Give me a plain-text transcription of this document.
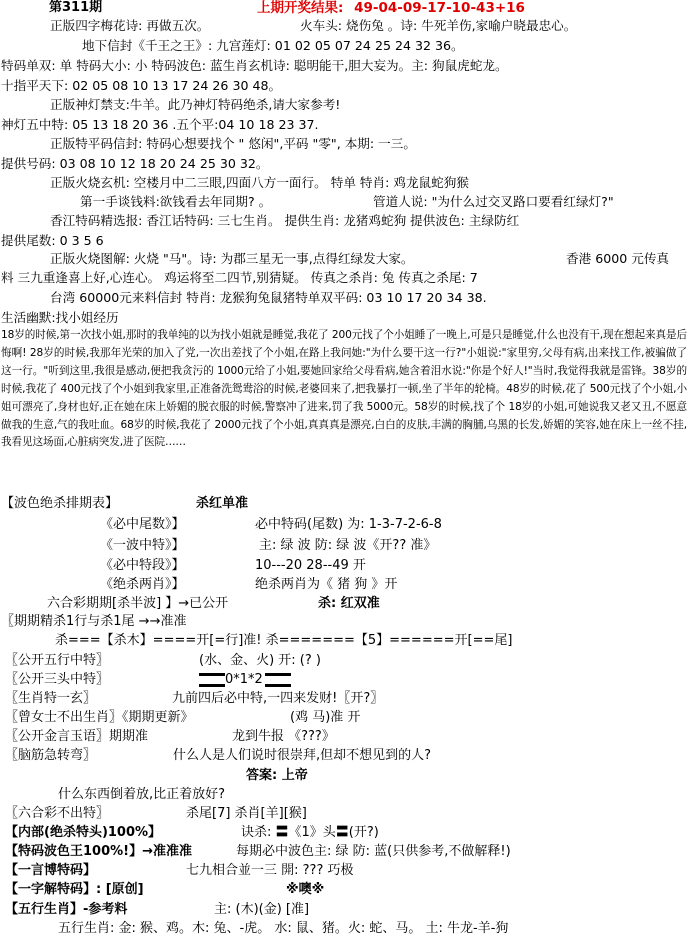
第311期	上期开奖结果: 49-04-09-17-10-43+16
正版四字梅花诗: 再做五次。	火车头: 烧伤兔 。诗: 牛死羊伤,家喻户晓最忠心。
地下信封《千王之王》: 九宫莲灯: 01 02 05 07 24 25 24 32 36。
特码单双: 单 特码大小: 小 特码波色: 蓝生肖玄机诗: 聪明能干,胆大妄为。主: 狗鼠虎蛇龙。
十指平天下: 02 05 08 10 13 17 24 26 30 48。
正版神灯禁支:牛羊。此乃神灯特码绝杀,请大家参考!
神灯五中特: 05 13 18 20 36 .五个平:04 10 18 23 37.
正版特平码信封: 特码心想要找个 " 悠闲",平码 "零", 本期: 一三。
提供号码: 03 08 10 12 18 20 24 25 30 32。
正版火烧玄机: 空楼月中二三眼,四面八方一面行。 特单 特肖: 鸡龙鼠蛇狗猴
第一手谈钱料:欲钱看去年同期? 。	管道人说: "为什么过交叉路口要看红绿灯?"
香江特码精选报: 香江话特码: 三七生肖。 提供生肖: 龙猪鸡蛇狗 提供波色: 主绿防红
提供尾数: 0 3 5 6
正版火烧图解: 火烧 "马"。诗: 为郡三星无一事,点得红绿发大家。	香港 6000 元传真
料 三九重逢喜上好,心连心。 鸡运将至二四节,别猜疑。 传真之杀肖: 兔 传真之杀尾: 7
台湾 60000元来料信封 特肖: 龙猴狗兔鼠猪特单双平码: 03 10 17 20 34 38.
生活幽默:找小姐经历
18岁的时候,第一次找小姐,那时的我单纯的以为找小姐就是睡觉,我花了 200元找了个小姐睡了一晚上,可是只是睡觉,什么也没有干,现在想起来真是后悔啊! 28岁的时候,我那年光荣的加入了党,一次出差找了个小姐,在路上我问她:"为什么要干这一行?"小姐说:"家里穷,父母有病,出来找工作,被骗做了这一行。"听到这里,我很是感动,便把我贪污的 1000元给了小姐,要她回家给父母看病,她含着泪水说:"你是个好人!"当时,我觉得我就是雷锋。38岁的时候,我花了 400元找了个小姐到我家里,正准备洗鸳鸯浴的时候,老婆回来了,把我暴打一顿,坐了半年的轮椅。48岁的时候,花了 500元找了个小姐,小姐可漂亮了,身材也好,正在她在床上娇媚的脱衣服的时候,警察冲了进来,罚了我 5000元。58岁的时候,找了个 18岁的小姐,可她说我又老又丑,不愿意做我的生意,气的我吐血。68岁的时候,我花了 2000元找了个小姐,真真真是漂亮,白白的皮肤,丰满的胸脯,乌黑的长发,娇媚的笑容,她在床上一丝不挂,我看见这场面,心脏病突发,进了医院……
【波色绝杀排期表】	杀红单准
《必中尾数》】	必中特码(尾数) 为: 1-3-7-2-6-8
《一波中特》】	主: 绿 波 防: 绿 波《开?? 准》
《必中特段》】	10---20 28--49 开
《绝杀两肖》】	绝杀两肖为《 猪 狗 》开
六合彩期期[杀半波] 】→已公开	杀: 红双准
〖期期精杀1行与杀1尾 →→准准
杀===【杀木】====开[=行]准! 杀=======【5】======开[==尾]
〖公开五行中特〗	(水、金、火) 开: (? )
〖公开三头中特〗	0*1*2
〖生肖特一玄〗	九前四后必中特,一四来发财!〖开?〗
〖曾女士不出生肖〗《期期更新》	(鸡 马)准 开
〖公开金言玉语〗期期准	龙到牛报 《???》
〖脑筋急转弯〗	什么人是人们说时很崇拜,但却不想见到的人?
答案: 上帝
什么东西倒着放,比正着放好?
〖六合彩不出特〗	杀尾[7] 杀肖[羊][猴]
【内部(绝杀特头)100%】	诀杀: 〓《1》头〓(开?)
【特码波色王100%!】→准准准	每期必中波色主: 绿 防: 蓝(只供参考,不做解释!)
【一言博特码】	七九相合並一三 開: ??? 巧极
【一字解特码】: [原创]	※噢※
【五行生肖】-参考料	主: (木)(金) [准]
五行生肖: 金: 猴、鸡。木: 兔、-虎。 水: 鼠、猪。火: 蛇、马。 土: 牛龙-羊-狗
